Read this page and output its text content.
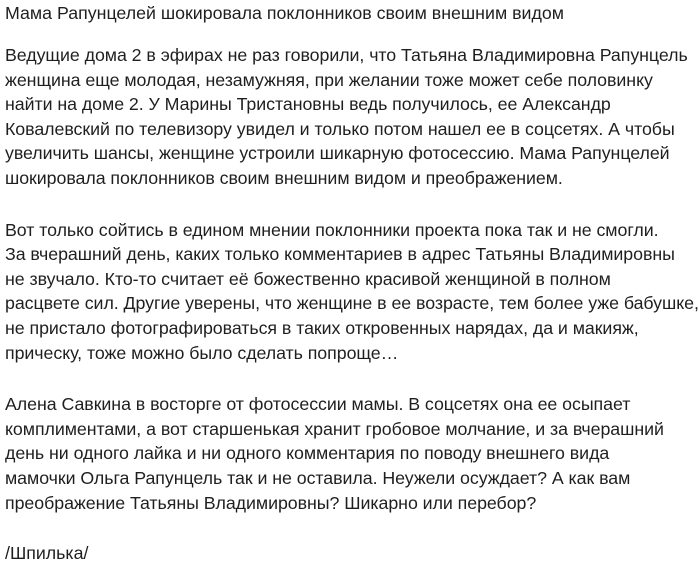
Мама Рапунцелей шокировала поклонников своим внешним видом

Ведущие дома 2 в эфирах не раз говорили, что Татьяна Владимировна Рапунцель
женщина еще молодая, незамужняя, при желании тоже может себе половинку
найти на доме 2. У Марины Тристановны ведь получилось, ее Александр
Ковалевский по телевизору увидел и только потом нашел ее в соцсетях. А чтобы
увеличить шансы, женщине устроили шикарную фотосессию. Мама Рапунцелей
шокировала поклонников своим внешним видом и преображением.

Вот только сойтись в едином мнении поклонники проекта пока так и не смогли.
За вчерашний день, каких только комментариев в адрес Татьяны Владимировны
не звучало. Кто-то считает её божественно красивой женщиной в полном
расцвете сил. Другие уверены, что женщине в ее возрасте, тем более уже бабушке,
не пристало фотографироваться в таких откровенных нарядах, да и макияж,
прическу, тоже можно было сделать попроще…

Алена Савкина в восторге от фотосессии мамы. В соцсетях она ее осыпает
комплиментами, а вот старшенькая хранит гробовое молчание, и за вчерашний
день ни одного лайка и ни одного комментария по поводу внешнего вида
мамочки Ольга Рапунцель так и не оставила. Неужели осуждает? А как вам
преображение Татьяны Владимировны? Шикарно или перебор?

/Шпилька/
